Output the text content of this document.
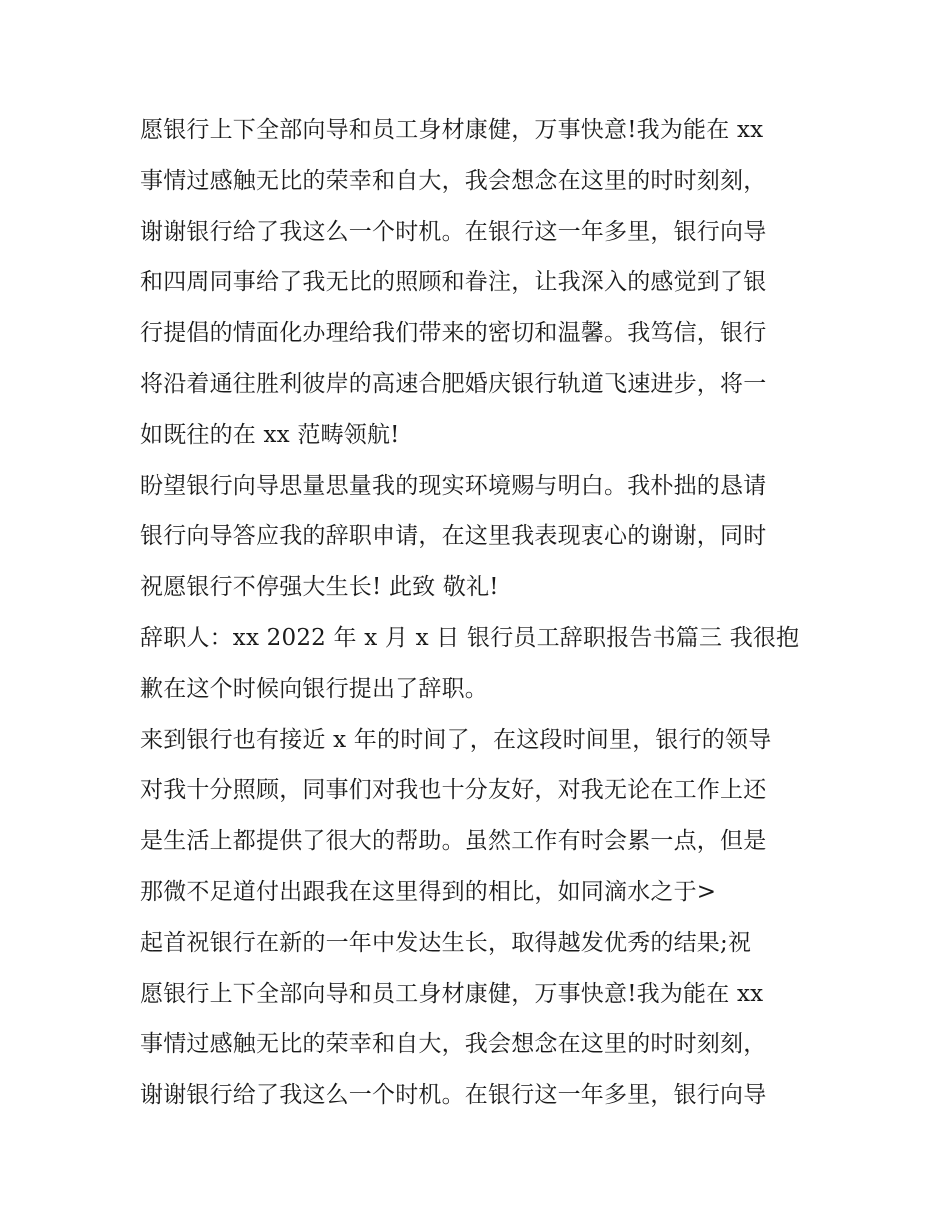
愿银行上下全部向导和员工身材康健，万事快意!我为能在 xx
事情过感触无比的荣幸和自大，我会想念在这里的时时刻刻，
谢谢银行给了我这么一个时机。在银行这一年多里，银行向导
和四周同事给了我无比的照顾和眷注，让我深入的感觉到了银
行提倡的情面化办理给我们带来的密切和温馨。我笃信，银行
将沿着通往胜利彼岸的高速合肥婚庆银行轨道飞速进步，将一
如既往的在 xx 范畴领航!
盼望银行向导思量思量我的现实环境赐与明白。我朴拙的恳请
银行向导答应我的辞职申请，在这里我表现衷心的谢谢，同时
祝愿银行不停强大生长! 此致 敬礼!
辞职人：xx 2022 年 x 月 x 日 银行员工辞职报告书篇三 我很抱
歉在这个时候向银行提出了辞职。
来到银行也有接近 x 年的时间了，在这段时间里，银行的领导
对我十分照顾，同事们对我也十分友好，对我无论在工作上还
是生活上都提供了很大的帮助。虽然工作有时会累一点，但是
那微不足道付出跟我在这里得到的相比，如同滴水之于>
起首祝银行在新的一年中发达生长，取得越发优秀的结果;祝
愿银行上下全部向导和员工身材康健，万事快意!我为能在 xx
事情过感触无比的荣幸和自大，我会想念在这里的时时刻刻，
谢谢银行给了我这么一个时机。在银行这一年多里，银行向导
